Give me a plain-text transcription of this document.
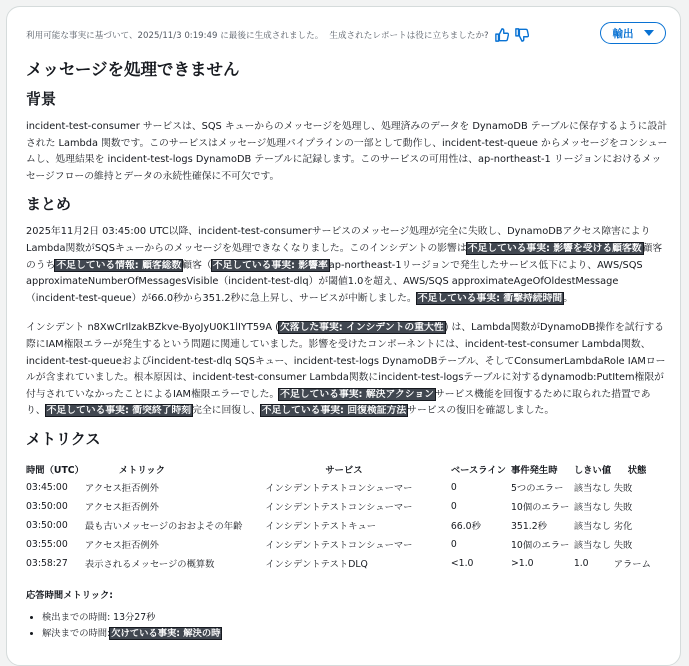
輸出
利用可能な事実に基づいて、2025/11/3 0:19:49 に最後に生成されました。 生成されたレポートは役に立ちましたか?
メッセージを処理できません
背景

incident-test-consumer サービスは、SQS キューからのメッセージを処理し、処理済みのデータを DynamoDB テーブルに保存するように設計された Lambda 関数です。このサービスはメッセージ処理パイプラインの一部として動作し、incident-test-queue からメッセージをコンシュームし、処理結果を incident-test-logs DynamoDB テーブルに記録します。このサービスの可用性は、ap-northeast-1 リージョンにおけるメッセージフローの維持とデータの永続性確保に不可欠です。

まとめ

2025年11月2日 03:45:00 UTC以降、incident-test-consumerサービスのメッセージ処理が完全に失敗し、DynamoDBアクセス障害によりLambda関数がSQSキューからのメッセージを処理できなくなりました。このインシデントの影響は不足している事実: 影響を受ける顧客数顧客のうち不足している情報: 顧客総数顧客（不足している事実: 影響率ap-northeast-1リージョンで発生したサービス低下により、AWS/SQS approximateNumberOfMessagesVisible（incident-test-dlq）が閾値1.0を超え、AWS/SQS approximateAgeOfOldestMessage（incident-test-queue）が66.0秒から351.2秒に急上昇し、サービスが中断しました。不足している事実: 衝撃持続時間。

インシデント n8XwCrIlzakBZkve-ByoJyU0K1lIYT59A (欠落した事実: インシデントの重大性) は、Lambda関数がDynamoDB操作を試行する際にIAM権限エラーが発生するという問題に関連していました。影響を受けたコンポーネントには、incident-test-consumer Lambda関数、incident-test-queueおよびincident-test-dlq SQSキュー、incident-test-logs DynamoDBテーブル、そしてConsumerLambdaRole IAMロールが含まれていました。根本原因は、incident-test-consumer Lambda関数にincident-test-logsテーブルに対するdynamodb:PutItem権限が付与されていなかったことによるIAM権限エラーでした。不足している事実: 解決アクションサービス機能を回復するために取られた措置であり、不足している事実: 衝突終了時刻完全に回復し、不足している事実: 回復検証方法サービスの復旧を確認しました。

メトリクス
時間（UTC）	メトリック	サービス	ベースライン	事件発生時	しきい値	状態
03:45:00	アクセス拒否例外	インシデントテストコンシューマー	0	5つのエラー	該当なし	失敗
03:50:00	アクセス拒否例外	インシデントテストコンシューマー	0	10個のエラー	該当なし	失敗
03:50:00	最も古いメッセージのおおよその年齢	インシデントテストキュー	66.0秒	351.2秒	該当なし	劣化
03:55:00	アクセス拒否例外	インシデントテストコンシューマー	0	10個のエラー	該当なし	失敗
03:58:27	表示されるメッセージの概算数	インシデントテストDLQ	<1.0	>1.0	1.0	アラーム
応答時間メトリック:
• 検出までの時間: 13分27秒
• 解決までの時間:欠けている事実: 解決の時
